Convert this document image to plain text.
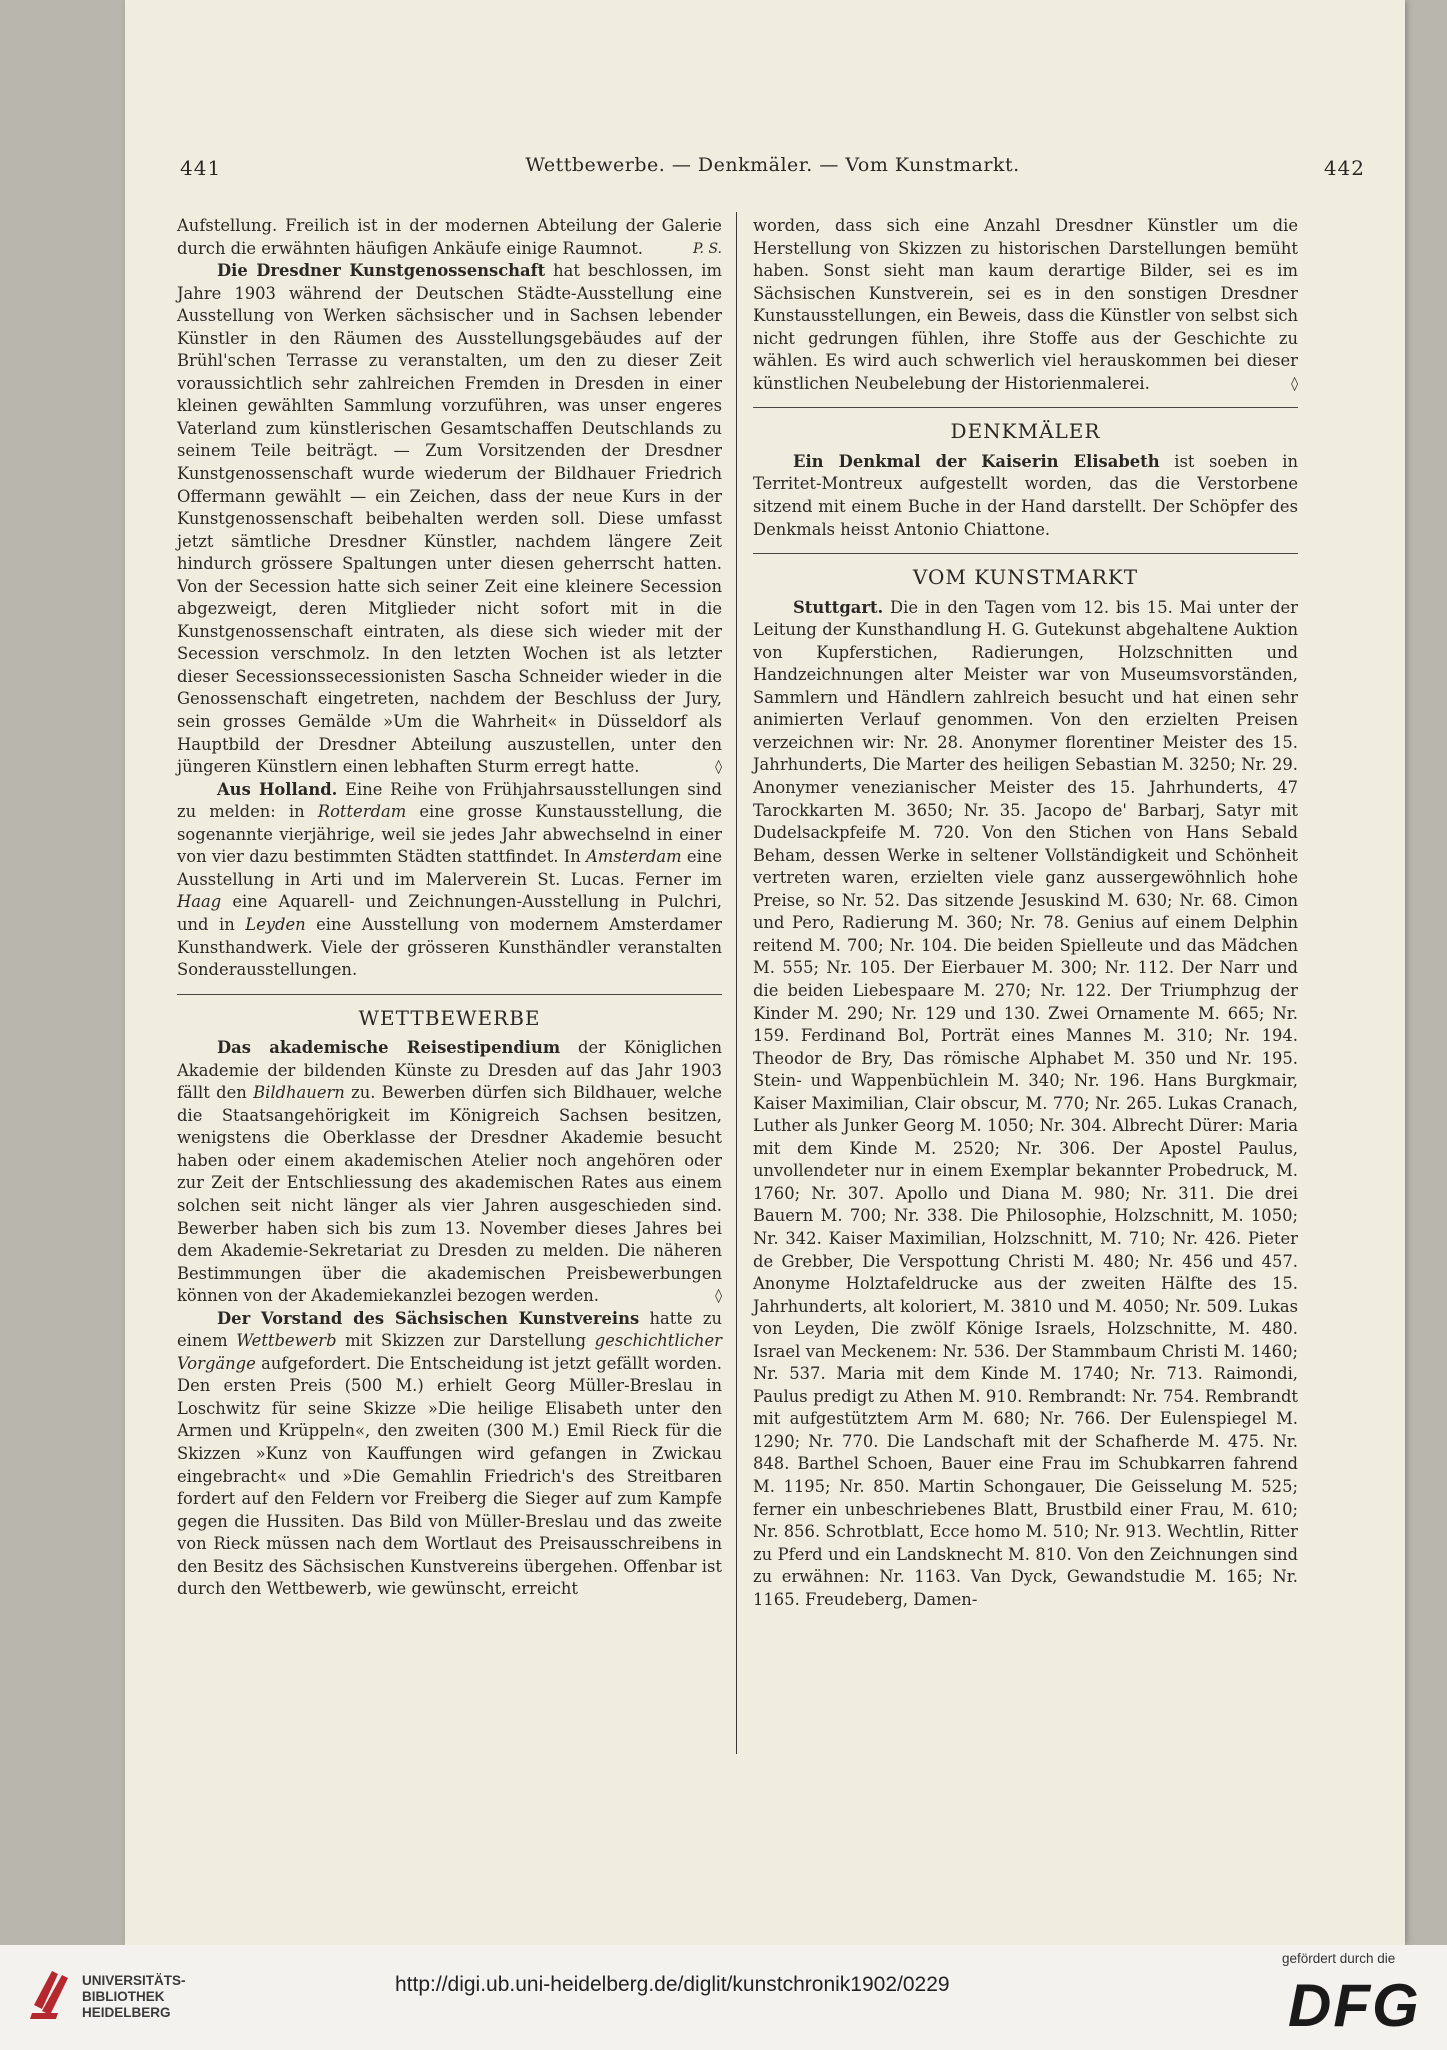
441	Wettbewerbe. — Denkmäler. — Vom Kunstmarkt.	442

Aufstellung. Freilich ist in der modernen Abteilung der Galerie durch die erwähnten häufigen Ankäufe einige Raumnot.	P. S.

Die Dresdner Kunstgenossenschaft hat beschlossen, im Jahre 1903 während der Deutschen Städte-Ausstellung eine Ausstellung von Werken sächsischer und in Sachsen lebender Künstler in den Räumen des Ausstellungsgebäudes auf der Brühl'schen Terrasse zu veranstalten, um den zu dieser Zeit voraussichtlich sehr zahlreichen Fremden in Dresden in einer kleinen gewählten Sammlung vorzuführen, was unser engeres Vaterland zum künstlerischen Gesamtschaffen Deutschlands zu seinem Teile beiträgt. — Zum Vorsitzenden der Dresdner Kunstgenossenschaft wurde wiederum der Bildhauer Friedrich Offermann gewählt — ein Zeichen, dass der neue Kurs in der Kunstgenossenschaft beibehalten werden soll. Diese umfasst jetzt sämtliche Dresdner Künstler, nachdem längere Zeit hindurch grössere Spaltungen unter diesen geherrscht hatten. Von der Secession hatte sich seiner Zeit eine kleinere Secession abgezweigt, deren Mitglieder nicht sofort mit in die Kunstgenossenschaft eintraten, als diese sich wieder mit der Secession verschmolz. In den letzten Wochen ist als letzter dieser Secessionssecessionisten Sascha Schneider wieder in die Genossenschaft eingetreten, nachdem der Beschluss der Jury, sein grosses Gemälde »Um die Wahrheit« in Düsseldorf als Hauptbild der Dresdner Abteilung auszustellen, unter den jüngeren Künstlern einen lebhaften Sturm erregt hatte.	◊

Aus Holland. Eine Reihe von Frühjahrsausstellungen sind zu melden: in Rotterdam eine grosse Kunstausstellung, die sogenannte vierjährige, weil sie jedes Jahr abwechselnd in einer von vier dazu bestimmten Städten stattfindet. In Amsterdam eine Ausstellung in Arti und im Malerverein St. Lucas. Ferner im Haag eine Aquarell- und Zeichnungen-Ausstellung in Pulchri, und in Leyden eine Ausstellung von modernem Amsterdamer Kunsthandwerk. Viele der grösseren Kunsthändler veranstalten Sonderausstellungen.

WETTBEWERBE

Das akademische Reisestipendium der Königlichen Akademie der bildenden Künste zu Dresden auf das Jahr 1903 fällt den Bildhauern zu. Bewerben dürfen sich Bildhauer, welche die Staatsangehörigkeit im Königreich Sachsen besitzen, wenigstens die Oberklasse der Dresdner Akademie besucht haben oder einem akademischen Atelier noch angehören oder zur Zeit der Entschliessung des akademischen Rates aus einem solchen seit nicht länger als vier Jahren ausgeschieden sind. Bewerber haben sich bis zum 13. November dieses Jahres bei dem Akademie-Sekretariat zu Dresden zu melden. Die näheren Bestimmungen über die akademischen Preisbewerbungen können von der Akademiekanzlei bezogen werden.	◊

Der Vorstand des Sächsischen Kunstvereins hatte zu einem Wettbewerb mit Skizzen zur Darstellung geschichtlicher Vorgänge aufgefordert. Die Entscheidung ist jetzt gefällt worden. Den ersten Preis (500 M.) erhielt Georg Müller-Breslau in Loschwitz für seine Skizze »Die heilige Elisabeth unter den Armen und Krüppeln«, den zweiten (300 M.) Emil Rieck für die Skizzen »Kunz von Kauffungen wird gefangen in Zwickau eingebracht« und »Die Gemahlin Friedrich's des Streitbaren fordert auf den Feldern vor Freiberg die Sieger auf zum Kampfe gegen die Hussiten. Das Bild von Müller-Breslau und das zweite von Rieck müssen nach dem Wortlaut des Preisausschreibens in den Besitz des Sächsischen Kunstvereins übergehen. Offenbar ist durch den Wettbewerb, wie gewünscht, erreicht

worden, dass sich eine Anzahl Dresdner Künstler um die Herstellung von Skizzen zu historischen Darstellungen bemüht haben. Sonst sieht man kaum derartige Bilder, sei es im Sächsischen Kunstverein, sei es in den sonstigen Dresdner Kunstausstellungen, ein Beweis, dass die Künstler von selbst sich nicht gedrungen fühlen, ihre Stoffe aus der Geschichte zu wählen. Es wird auch schwerlich viel herauskommen bei dieser künstlichen Neubelebung der Historienmalerei.	◊

DENKMÄLER

Ein Denkmal der Kaiserin Elisabeth ist soeben in Territet-Montreux aufgestellt worden, das die Verstorbene sitzend mit einem Buche in der Hand darstellt. Der Schöpfer des Denkmals heisst Antonio Chiattone.

VOM KUNSTMARKT

Stuttgart. Die in den Tagen vom 12. bis 15. Mai unter der Leitung der Kunsthandlung H. G. Gutekunst abgehaltene Auktion von Kupferstichen, Radierungen, Holzschnitten und Handzeichnungen alter Meister war von Museumsvorständen, Sammlern und Händlern zahlreich besucht und hat einen sehr animierten Verlauf genommen. Von den erzielten Preisen verzeichnen wir: Nr. 28. Anonymer florentiner Meister des 15. Jahrhunderts, Die Marter des heiligen Sebastian M. 3250; Nr. 29. Anonymer venezianischer Meister des 15. Jahrhunderts, 47 Tarockkarten M. 3650; Nr. 35. Jacopo de' Barbarj, Satyr mit Dudelsackpfeife M. 720. Von den Stichen von Hans Sebald Beham, dessen Werke in seltener Vollständigkeit und Schönheit vertreten waren, erzielten viele ganz aussergewöhnlich hohe Preise, so Nr. 52. Das sitzende Jesuskind M. 630; Nr. 68. Cimon und Pero, Radierung M. 360; Nr. 78. Genius auf einem Delphin reitend M. 700; Nr. 104. Die beiden Spielleute und das Mädchen M. 555; Nr. 105. Der Eierbauer M. 300; Nr. 112. Der Narr und die beiden Liebespaare M. 270; Nr. 122. Der Triumphzug der Kinder M. 290; Nr. 129 und 130. Zwei Ornamente M. 665; Nr. 159. Ferdinand Bol, Porträt eines Mannes M. 310; Nr. 194. Theodor de Bry, Das römische Alphabet M. 350 und Nr. 195. Stein- und Wappenbüchlein M. 340; Nr. 196. Hans Burgkmair, Kaiser Maximilian, Clair obscur, M. 770; Nr. 265. Lukas Cranach, Luther als Junker Georg M. 1050; Nr. 304. Albrecht Dürer: Maria mit dem Kinde M. 2520; Nr. 306. Der Apostel Paulus, unvollendeter nur in einem Exemplar bekannter Probedruck, M. 1760; Nr. 307. Apollo und Diana M. 980; Nr. 311. Die drei Bauern M. 700; Nr. 338. Die Philosophie, Holzschnitt, M. 1050; Nr. 342. Kaiser Maximilian, Holzschnitt, M. 710; Nr. 426. Pieter de Grebber, Die Verspottung Christi M. 480; Nr. 456 und 457. Anonyme Holztafeldrucke aus der zweiten Hälfte des 15. Jahrhunderts, alt koloriert, M. 3810 und M. 4050; Nr. 509. Lukas von Leyden, Die zwölf Könige Israels, Holzschnitte, M. 480. Israel van Meckenem: Nr. 536. Der Stammbaum Christi M. 1460; Nr. 537. Maria mit dem Kinde M. 1740; Nr. 713. Raimondi, Paulus predigt zu Athen M. 910. Rembrandt: Nr. 754. Rembrandt mit aufgestütztem Arm M. 680; Nr. 766. Der Eulenspiegel M. 1290; Nr. 770. Die Landschaft mit der Schafherde M. 475. Nr. 848. Barthel Schoen, Bauer eine Frau im Schubkarren fahrend M. 1195; Nr. 850. Martin Schongauer, Die Geisselung M. 525; ferner ein unbeschriebenes Blatt, Brustbild einer Frau, M. 610; Nr. 856. Schrotblatt, Ecce homo M. 510; Nr. 913. Wechtlin, Ritter zu Pferd und ein Landsknecht M. 810. Von den Zeichnungen sind zu erwähnen: Nr. 1163. Van Dyck, Gewandstudie M. 165; Nr. 1165. Freudeberg, Damen-

UNIVERSITÄTS-
BIBLIOTHEK
HEIDELBERG
http://digi.ub.uni-heidelberg.de/diglit/kunstchronik1902/0229
gefördert durch die
DFG
